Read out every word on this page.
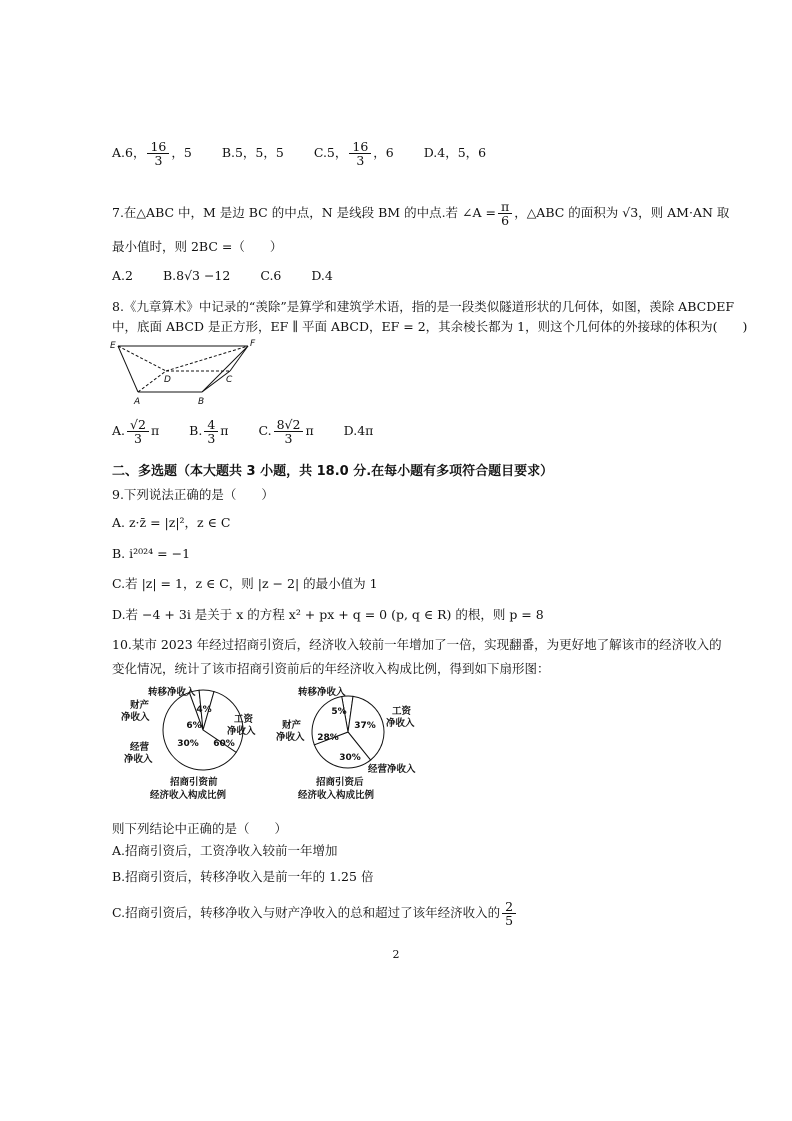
A.6， $\frac{16}{3}$ ，5 B.5，5，5 C.5， $\frac{16}{3}$ ，6 D.4，5，6
7.在△ABC 中，M 是边 BC 的中点，N 是线段 BM 的中点.若 ∠A = $\frac{\pi}{6}$ ，△ABC 的面积为 √3，则 AM·AN 取
最小值时，则 2BC =（　　）
A.2 B.8√3 −12 C.6 D.4
8.《九章算术》中记录的“羡除”是算学和建筑学术语，指的是一段类似隧道形状的几何体，如图，羡除 ABCDEF
中，底面 ABCD 是正方形，EF ∥ 平面 ABCD，EF = 2，其余棱长都为 1，则这个几何体的外接球的体积为(　　)
E	F
D	C
A	B
A. $\frac{√2}{3}$ π B. $\frac{4}{3}$ π C. $\frac{8√2}{3}$ π D.4π
二、多选题（本大题共 3 小题，共 18.0 分.在每小题有多项符合题目要求）
9.下列说法正确的是（　　）
A. z·z̄ = |z|²，z ∈ C
B. i²⁰²⁴ = −1
C.若 |z| = 1，z ∈ C，则 |z − 2| 的最小值为 1
D.若 −4 + 3i 是关于 x 的方程 x² + px + q = 0 (p, q ∈ R) 的根，则 p = 8
10.某市 2023 年经过招商引资后，经济收入较前一年增加了一倍，实现翻番，为更好地了解该市的经济收入的
变化情况，统计了该市招商引资前后的年经济收入构成比例，得到如下扇形图：
4%
6%
30% 60%
转移净收入
财产
净收入
经营
净收入
工资
净收入
招商引资前
经济收入构成比例
5%
37%
30%
28%
转移净收入
财产
净收入
工资
净收入
经营净收入
招商引资后
经济收入构成比例
则下列结论中正确的是（　　）
A.招商引资后，工资净收入较前一年增加
B.招商引资后，转移净收入是前一年的 1.25 倍
C.招商引资后，转移净收入与财产净收入的总和超过了该年经济收入的 $\frac{2}{5}$
2
